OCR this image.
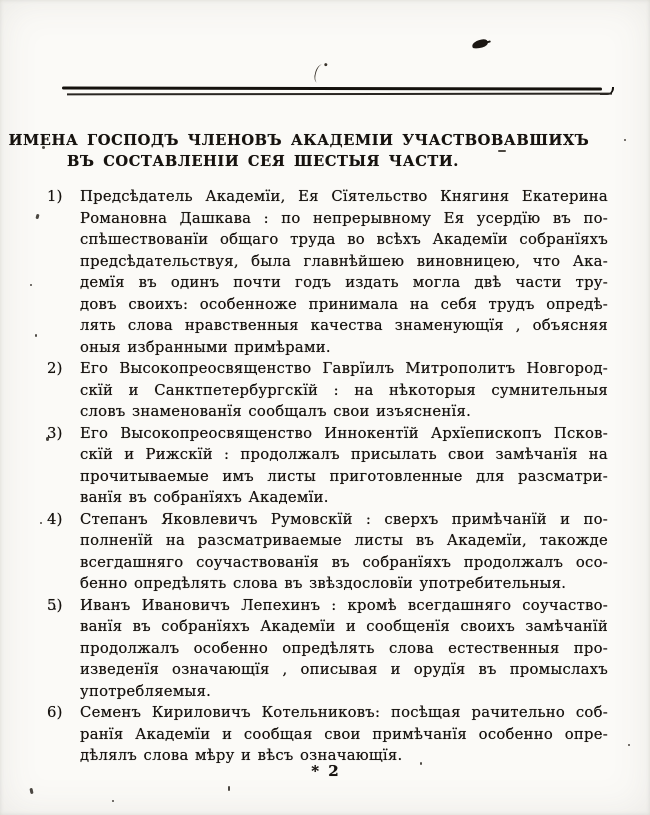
ИМЕНА ГОСПОДЪ ЧЛЕНОВЪ АКАДЕМІИ УЧАСТВОВАВШИХЪ
ВЪ СОСТАВЛЕНІИ СЕЯ ШЕСТЫЯ ЧАСТИ.
1) Предсѣдатель Академїи, Ея Сїятельство Княгиня Екатерина
Романовна Дашкава : по непрерывному Ея усердїю въ по-
спѣшествованїи общаго труда во всѣхъ Академїи собранїяхъ
предсѣдательствуя, была главнѣйшею виновницею, что Ака-
демїя въ одинъ почти годъ издать могла двѣ части тру-
довъ своихъ: особенноже принимала на себя трудъ опредѣ-
лять слова нравственныя качества знаменующїя , объясняя
оныя избранными примѣрами.
2) Его Высокопреосвященство Гаврїилъ Митрополитъ Новгород-
скїй и Санктпетербургскїй : на нѣкоторыя сумнительныя
словъ знаменованїя сообщалъ свои изъясненїя.
3) Его Высокопреосвященство Иннокентїй Архїепископъ Псков-
скїй и Рижскїй : продолжалъ присылать свои замѣчанїя на
прочитываемые имъ листы приготовленные для разсматри-
ванїя въ собранїяхъ Академїи.
4) Степанъ Яковлевичъ Румовскїй : сверхъ примѣчанїй и по-
полненїй на разсматриваемые листы въ Академїи, такожде
всегдашняго соучаствованїя въ собранїяхъ продолжалъ осо-
бенно опредѣлять слова въ звѣздословїи употребительныя.
5) Иванъ Ивановичъ Лепехинъ : кромѣ всегдашняго соучаство-
ванїя въ собранїяхъ Академїи и сообщенїя своихъ замѣчанїй
продолжалъ особенно опредѣлять слова естественныя про-
изведенїя означающїя , описывая и орудїя въ промыслахъ
употребляемыя.
6) Семенъ Кириловичъ Котельниковъ: посѣщая рачительно соб-
ранїя Академїи и сообщая свои примѣчанїя особенно опре-
дѣлялъ слова мѣру и вѣсъ означающїя.
* 2
